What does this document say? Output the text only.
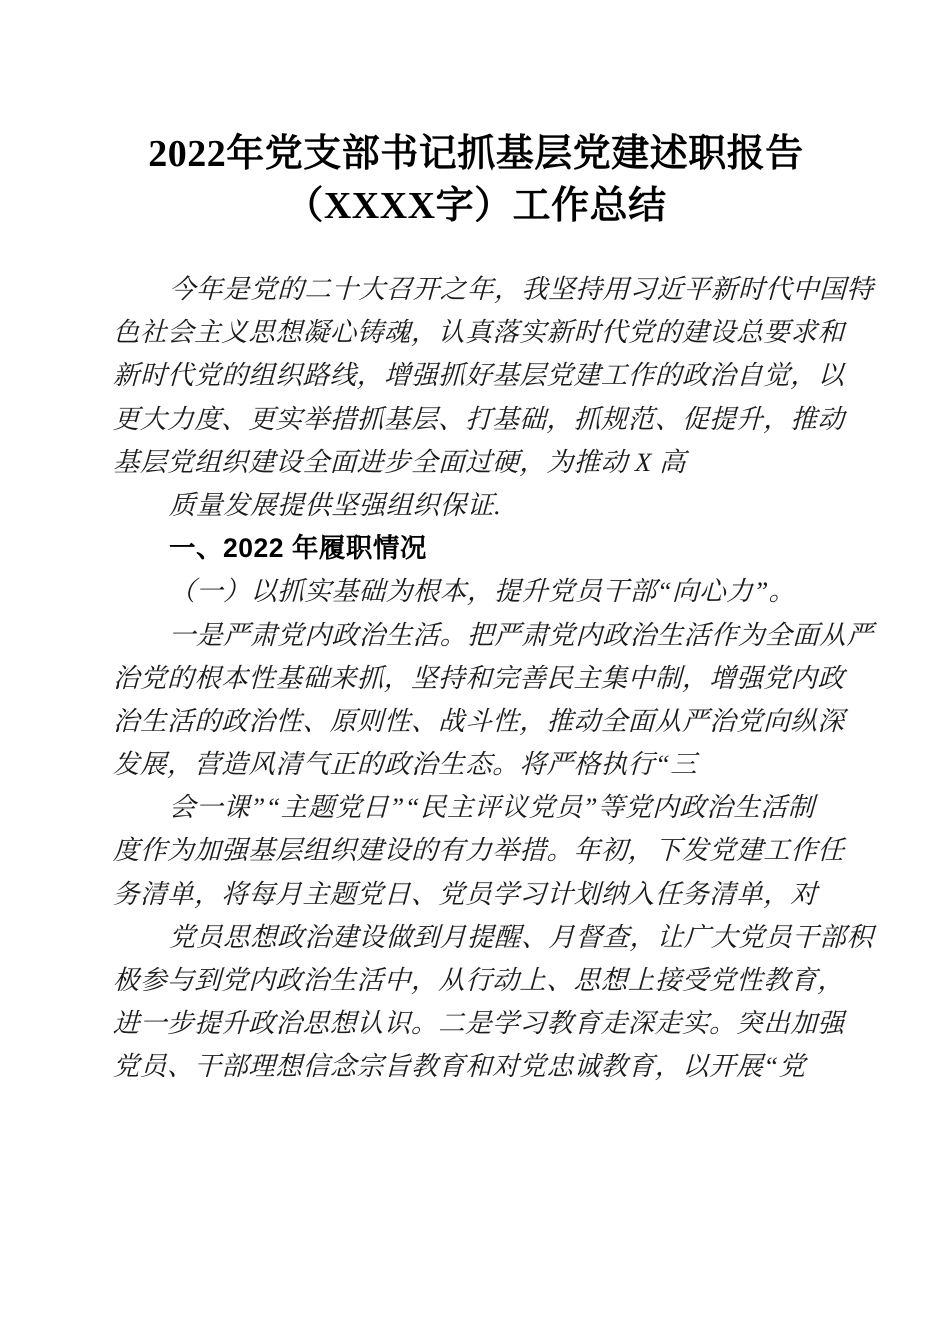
2022年党支部书记抓基层党建述职报告
（XXXX字）工作总结
今年是党的二十大召开之年，我坚持用习近平新时代中国特
色社会主义思想凝心铸魂，认真落实新时代党的建设总要求和
新时代党的组织路线，增强抓好基层党建工作的政治自觉，以
更大力度、更实举措抓基层、打基础，抓规范、促提升，推动
基层党组织建设全面进步全面过硬，为推动 X 高
质量发展提供坚强组织保证.
一、2022 年履职情况
（一）以抓实基础为根本，提升党员干部“向心力”。
一是严肃党内政治生活。把严肃党内政治生活作为全面从严
治党的根本性基础来抓，坚持和完善民主集中制，增强党内政
治生活的政治性、原则性、战斗性，推动全面从严治党向纵深
发展，营造风清气正的政治生态。将严格执行“三
会一课”“主题党日”“民主评议党员”等党内政治生活制
度作为加强基层组织建设的有力举措。年初，下发党建工作任
务清单，将每月主题党日、党员学习计划纳入任务清单，对
党员思想政治建设做到月提醒、月督查，让广大党员干部积
极参与到党内政治生活中，从行动上、思想上接受党性教育，
进一步提升政治思想认识。二是学习教育走深走实。突出加强
党员、干部理想信念宗旨教育和对党忠诚教育，以开展“党
